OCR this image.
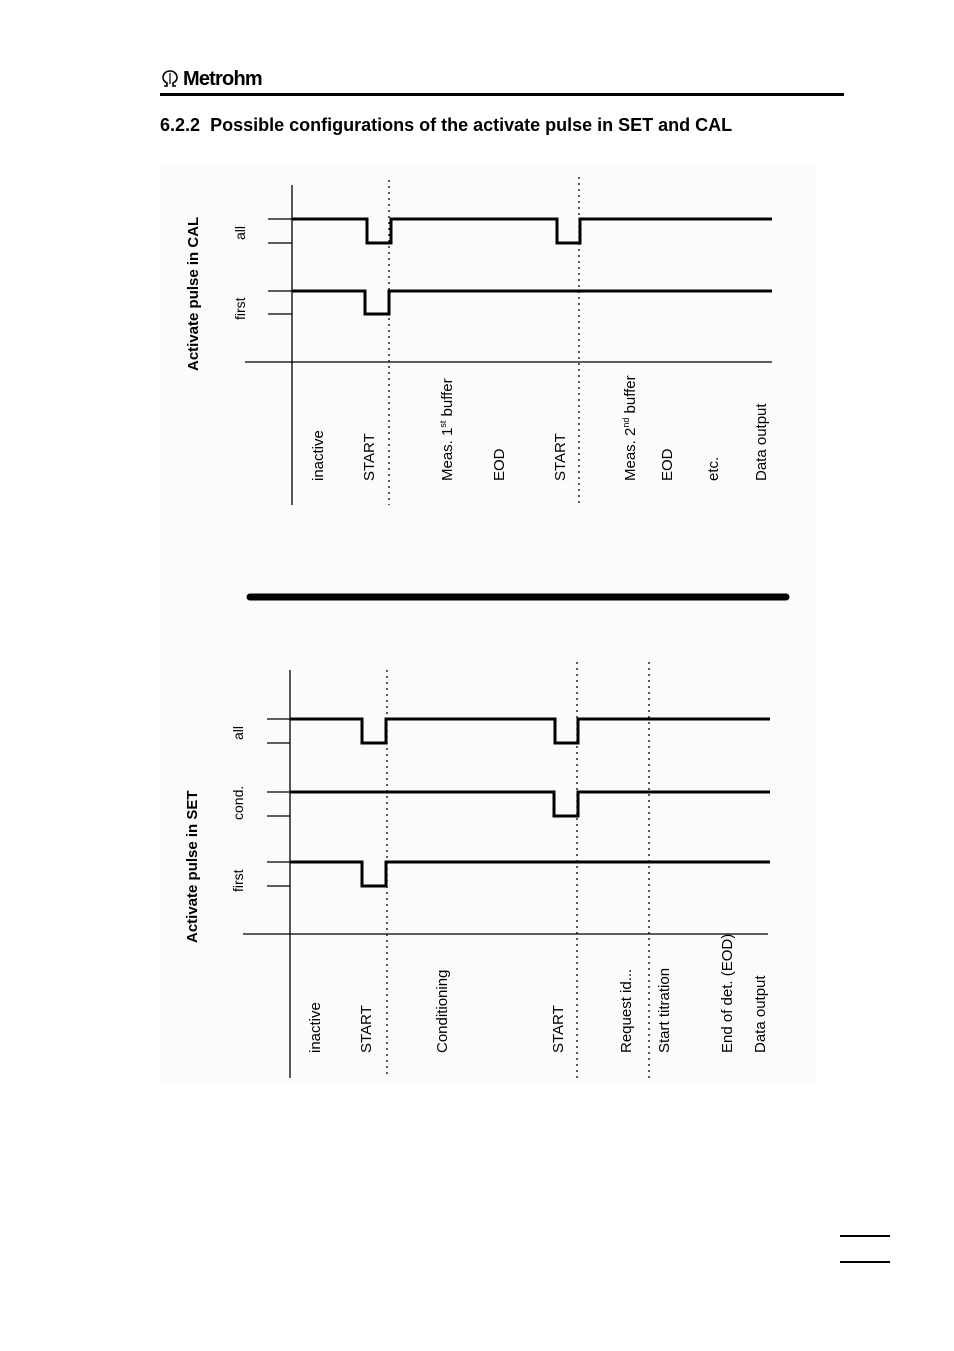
Metrohm
6.2.2 Possible configurations of the activate pulse in SET and CAL
Activate pulse in CAL all
first
inactive START	Meas. 1st buffer
EOD	START	Meas. 2nd buffer
EOD etc. Data output
Activate pulse in SET
all
cond.
first
inactive START	Conditioning	START	Request id... Start titration	End of det. (EOD) Data output
